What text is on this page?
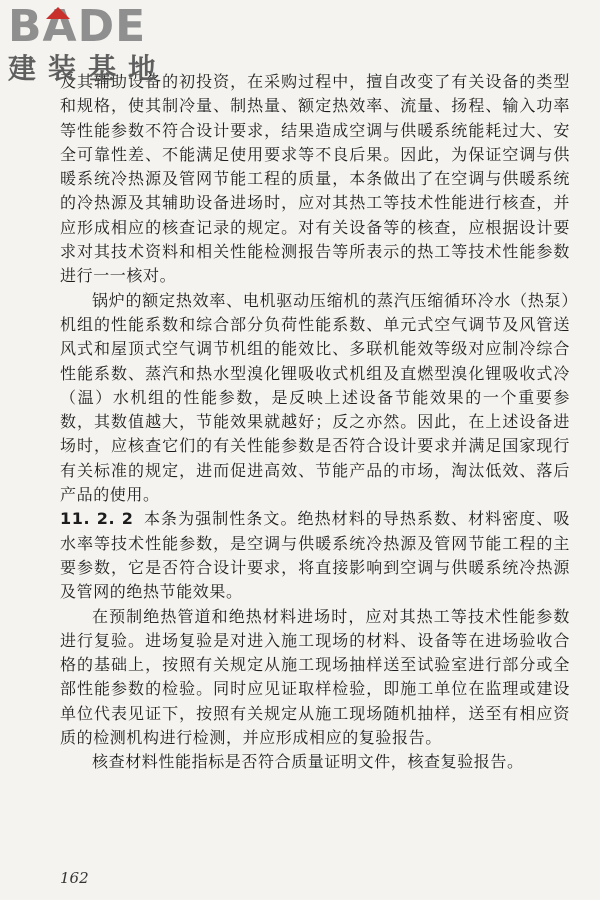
BADE
建装基地

及其辅助设备的初投资，在采购过程中，擅自改变了有关设备的类型和规格，使其制冷量、制热量、额定热效率、流量、扬程、输入功率等性能参数不符合设计要求，结果造成空调与供暖系统能耗过大、安全可靠性差、不能满足使用要求等不良后果。因此，为保证空调与供暖系统冷热源及管网节能工程的质量，本条做出了在空调与供暖系统的冷热源及其辅助设备进场时，应对其热工等技术性能进行核查，并应形成相应的核查记录的规定。对有关设备等的核查，应根据设计要求对其技术资料和相关性能检测报告等所表示的热工等技术性能参数进行一一核对。

锅炉的额定热效率、电机驱动压缩机的蒸汽压缩循环冷水（热泵）机组的性能系数和综合部分负荷性能系数、单元式空气调节及风管送风式和屋顶式空气调节机组的能效比、多联机能效等级对应制冷综合性能系数、蒸汽和热水型溴化锂吸收式机组及直燃型溴化锂吸收式冷（温）水机组的性能参数，是反映上述设备节能效果的一个重要参数，其数值越大，节能效果就越好；反之亦然。因此，在上述设备进场时，应核查它们的有关性能参数是否符合设计要求并满足国家现行有关标准的规定，进而促进高效、节能产品的市场，淘汰低效、落后产品的使用。

11. 2. 2 本条为强制性条文。绝热材料的导热系数、材料密度、吸水率等技术性能参数，是空调与供暖系统冷热源及管网节能工程的主要参数，它是否符合设计要求，将直接影响到空调与供暖系统冷热源及管网的绝热节能效果。

在预制绝热管道和绝热材料进场时，应对其热工等技术性能参数进行复验。进场复验是对进入施工现场的材料、设备等在进场验收合格的基础上，按照有关规定从施工现场抽样送至试验室进行部分或全部性能参数的检验。同时应见证取样检验，即施工单位在监理或建设单位代表见证下，按照有关规定从施工现场随机抽样，送至有相应资质的检测机构进行检测，并应形成相应的复验报告。

核查材料性能指标是否符合质量证明文件，核查复验报告。

162
